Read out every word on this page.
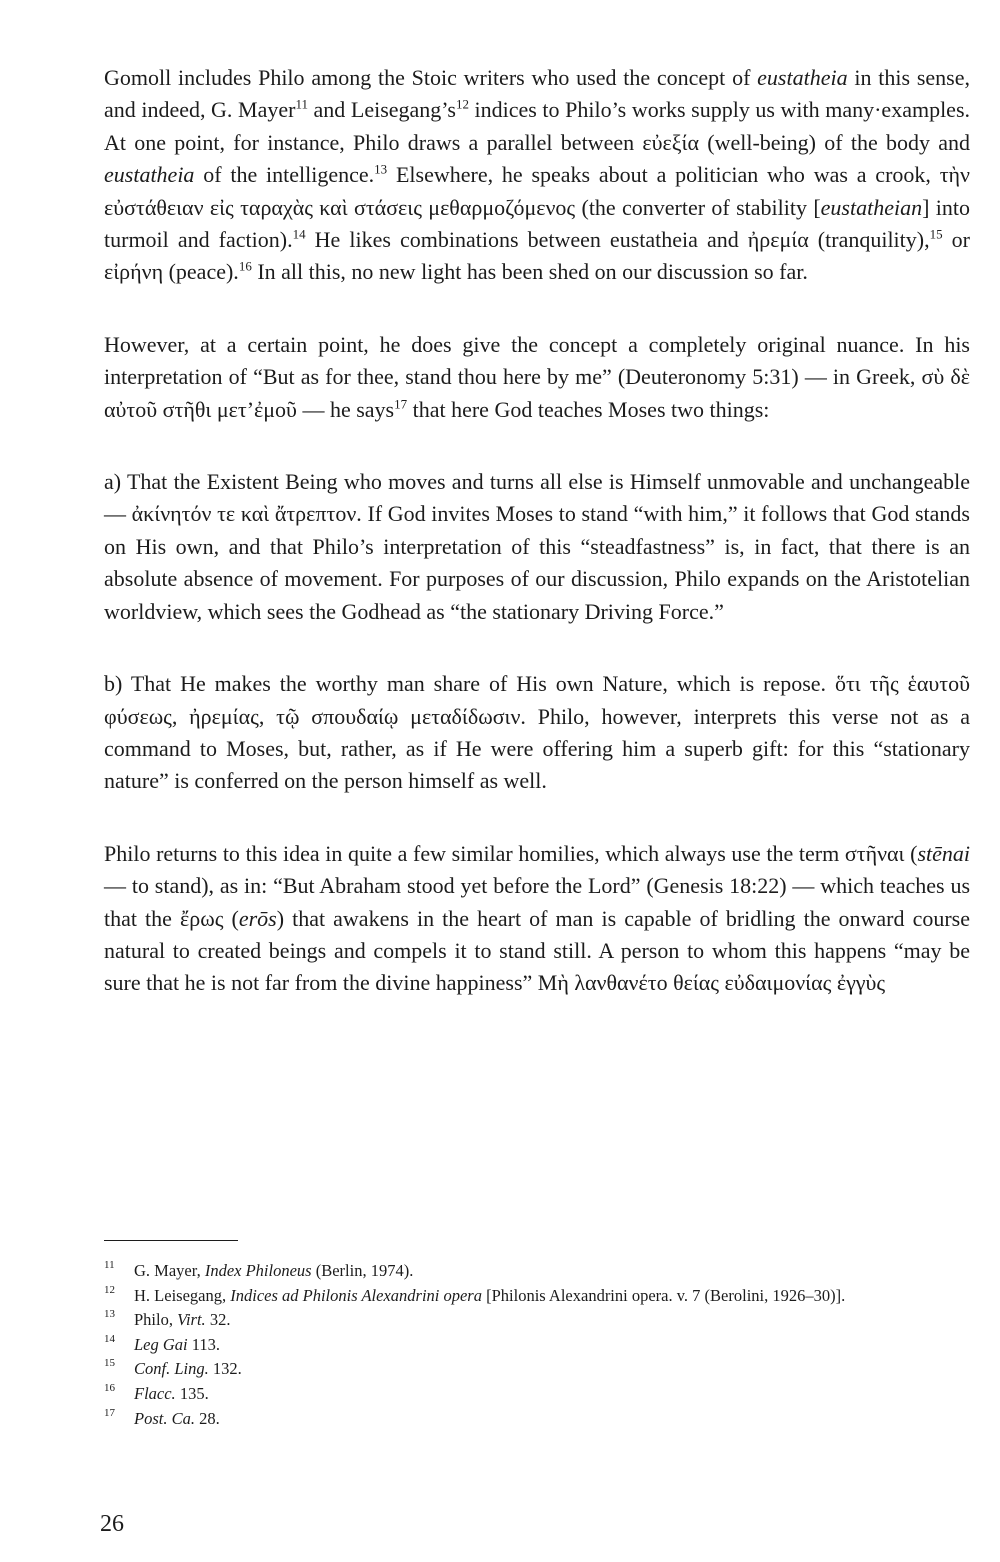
Gomoll includes Philo among the Stoic writers who used the concept of eustatheia in this sense, and indeed, G. Mayer$^{11}$ and $Leisegang’s^{12}$ indices to Philo’s works supply us with many·examples. At one point, for instance, Philo draws a parallel between εὐεξία (well-being) of the body and eustatheia of the intelligence.$^{13}$ Elsewhere, he speaks about a politician who was a crook, τὴν εὐστάθειαν εἰς ταραχὰς καὶ στάσεις μεθαρμοζόμενος (the converter of stability [eustatheian] into turmoil and faction).$^{14}$ He likes combinations between eustatheia and ἠρεμία (tranquility),$^{15}$ or εἰρήνη (peace).$^{16}$ In all this, no new light has been shed on our discussion so far.

However, at a certain point, he does give the concept a completely original nuance. In his interpretation of “But as for thee, stand thou here by me” (Deuteronomy 5:31) — in Greek, σὺ δὲ αὐτοῦ στῆθι μετ’ἐμοῦ — he says$^{17}$ that here God teaches Moses two things:

a) That the Existent Being who moves and turns all else is Himself unmovable and unchangeable — ἀκίνητόν τε καὶ ἄτρεπτον. If God invites Moses to stand “with him,” it follows that God stands on His own, and that Philo’s interpretation of this “steadfastness” is, in fact, that there is an absolute absence of movement. For purposes of our discussion, Philo expands on the Aristotelian worldview, which sees the Godhead as “the stationary Driving Force.”

b) That He makes the worthy man share of His own Nature, which is repose. ὅτι τῆς ἑαυτοῦ φύσεως, ἠρεμίας, τῷ σπουδαίῳ μεταδίδωσιν. Philo, however, interprets this verse not as a command to Moses, but, rather, as if He were offering him a superb gift: for this “stationary nature” is conferred on the person himself as well.

Philo returns to this idea in quite a few similar homilies, which always use the term στῆναι (stēnai — to stand), as in: “But Abraham stood yet before the Lord” (Genesis 18:22) — which teaches us that the ἔρως (erōs) that awakens in the heart of man is capable of bridling the onward course natural to created beings and compels it to stand still. A person to whom this happens “may be sure that he is not far from the divine happiness” Μὴ λανθανέτο θείας εὐδαιμονίας ἐγγὺς

11	G. Mayer, Index Philoneus (Berlin, 1974).
12	H. Leisegang, Indices ad Philonis Alexandrini opera [Philonis Alexandrini opera. v. 7 (Berolini, 1926–30)].
13	Philo, Virt. 32.
14	Leg Gai 113.
15	Conf. Ling. 132.
16	Flacc. 135.
17	Post. Ca. 28.
26
